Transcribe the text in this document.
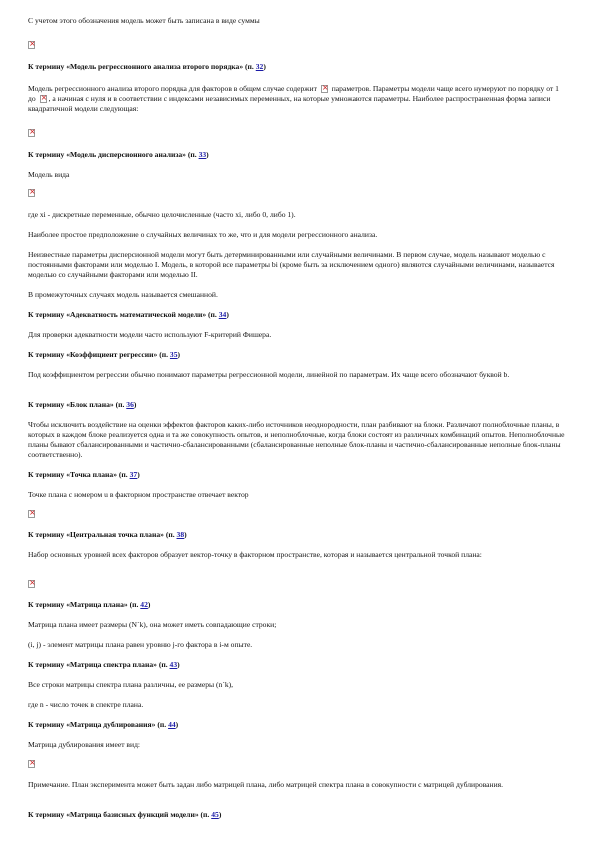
С учетом этого обозначения модель может быть записана в виде суммы

×

К термину «Модель регрессионного анализа второго порядка» (п. 32)

Модель регрессионного анализа второго порядка для факторов в общем случае содержит × параметров. Параметры модели чаще всего нумеруют по порядку от 1 до × , а начиная с нуля и в соответствии с индексами независимых переменных, на которые умножаются параметры. Наиболее распространенная форма записи квадратичной модели следующая:

×

К термину «Модель дисперсионного анализа» (п. 33)

Модель вида

×

где xi - дискретные переменные, обычно целочисленные (часто xi, либо 0, либо 1).

Наиболее простое предположение о случайных величинах то же, что и для модели регрессионного анализа.

Неизвестные параметры дисперсионной модели могут быть детерминированными или случайными величинами. В первом случае, модель называют моделью с постоянными факторами или моделью I. Модель, в которой все параметры bi (кроме быть за исключением одного) являются случайными величинами, называется моделью со случайными факторами или моделью II.

В промежуточных случаях модель называется смешанной.

К термину «Адекватность математической модели» (п. 34)

Для проверки адекватности модели часто используют F-критерий Фишера.

К термину «Коэффициент регрессии» (п. 35)

Под коэффициентом регрессии обычно понимают параметры регрессионной модели, линейной по параметрам. Их чаще всего обозначают буквой b.

К термину «Блок плана» (п. 36)

Чтобы исключить воздействие на оценки эффектов факторов каких-либо источников неоднородности, план разбивают на блоки. Различают полноблочные планы, в которых в каждом блоке реализуется одна и та же совокупность опытов, и неполноблочные, когда блоки состоят из различных комбинаций опытов. Неполноблочные планы бывают сбалансированными и частично-сбалансированными (сбалансированные неполные блок-планы и частично-сбалансированные неполные блок-планы соответственно).

К термину «Точка плана» (п. 37)

Точке плана с номером u в факторном пространстве отвечает вектор

×

К термину «Центральная точка плана» (п. 38)

Набор основных уровней всех факторов образует вектор-точку в факторном пространстве, которая и называется центральной точкой плана:

×

К термину «Матрица плана» (п. 42)

Матрица плана имеет размеры (N´k), она может иметь совпадающие строки;

(i, j) - элемент матрицы плана равен уровню j-го фактора в i-м опыте.

К термину «Матрица спектра плана» (п. 43)

Все строки матрицы спектра плана различны, ее размеры (n´k),

где n - число точек в спектре плана.

К термину «Матрица дублирования» (п. 44)

Матрица дублирования имеет вид:

×

Примечание. План эксперимента может быть задан либо матрицей плана, либо матрицей спектра плана в совокупности с матрицей дублирования.

К термину «Матрица базисных функций модели» (п. 45)
